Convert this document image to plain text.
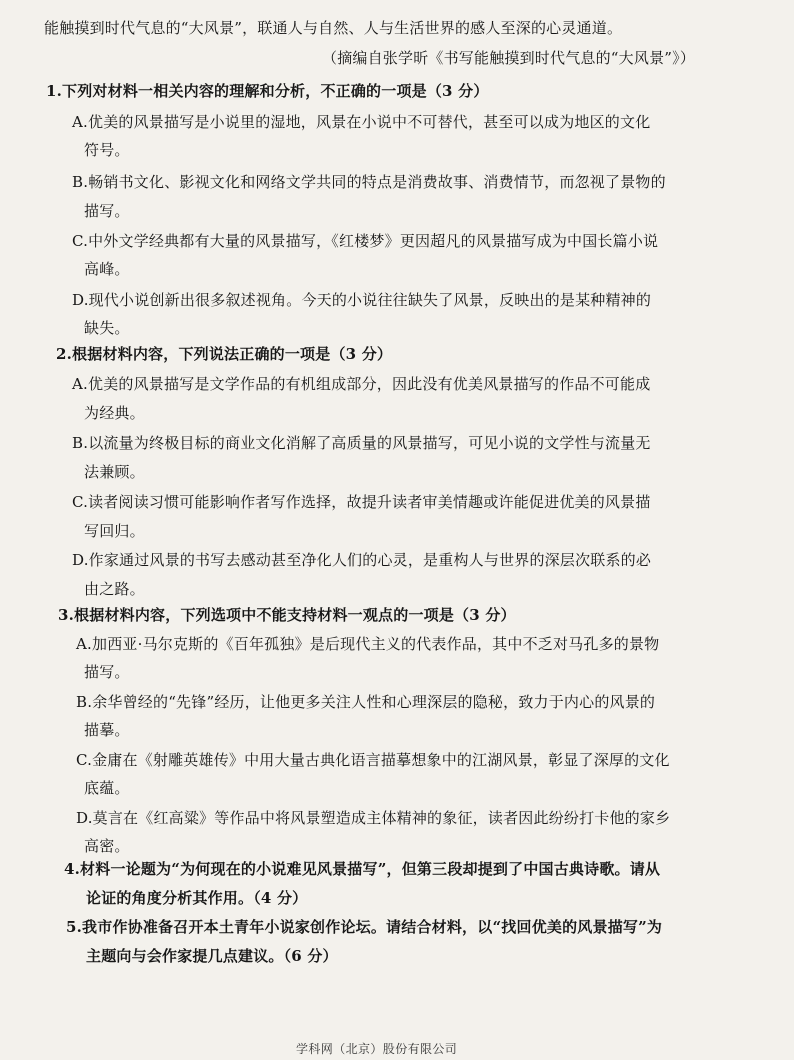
能触摸到时代气息的“大风景”，联通人与自然、人与生活世界的感人至深的心灵通道。
（摘编自张学昕《书写能触摸到时代气息的“大风景”》）
1.下列对材料一相关内容的理解和分析，不正确的一项是（3 分）
A.优美的风景描写是小说里的湿地，风景在小说中不可替代，甚至可以成为地区的文化
符号。
B.畅销书文化、影视文化和网络文学共同的特点是消费故事、消费情节，而忽视了景物的
描写。
C.中外文学经典都有大量的风景描写，《红楼梦》更因超凡的风景描写成为中国长篇小说
高峰。
D.现代小说创新出很多叙述视角。今天的小说往往缺失了风景，反映出的是某种精神的
缺失。
2.根据材料内容，下列说法正确的一项是（3 分）
A.优美的风景描写是文学作品的有机组成部分，因此没有优美风景描写的作品不可能成
为经典。
B.以流量为终极目标的商业文化消解了高质量的风景描写，可见小说的文学性与流量无
法兼顾。
C.读者阅读习惯可能影响作者写作选择，故提升读者审美情趣或许能促进优美的风景描
写回归。
D.作家通过风景的书写去感动甚至净化人们的心灵，是重构人与世界的深层次联系的必
由之路。
3.根据材料内容，下列选项中不能支持材料一观点的一项是（3 分）
A.加西亚·马尔克斯的《百年孤独》是后现代主义的代表作品，其中不乏对马孔多的景物
描写。
B.余华曾经的“先锋”经历，让他更多关注人性和心理深层的隐秘，致力于内心的风景的
描摹。
C.金庸在《射雕英雄传》中用大量古典化语言描摹想象中的江湖风景，彰显了深厚的文化
底蕴。
D.莫言在《红高粱》等作品中将风景塑造成主体精神的象征，读者因此纷纷打卡他的家乡
高密。
4.材料一论题为“为何现在的小说难见风景描写”，但第三段却提到了中国古典诗歌。请从
论证的角度分析其作用。（4 分）
5.我市作协准备召开本土青年小说家创作论坛。请结合材料，以“找回优美的风景描写”为
主题向与会作家提几点建议。（6 分）
学科网（北京）股份有限公司
